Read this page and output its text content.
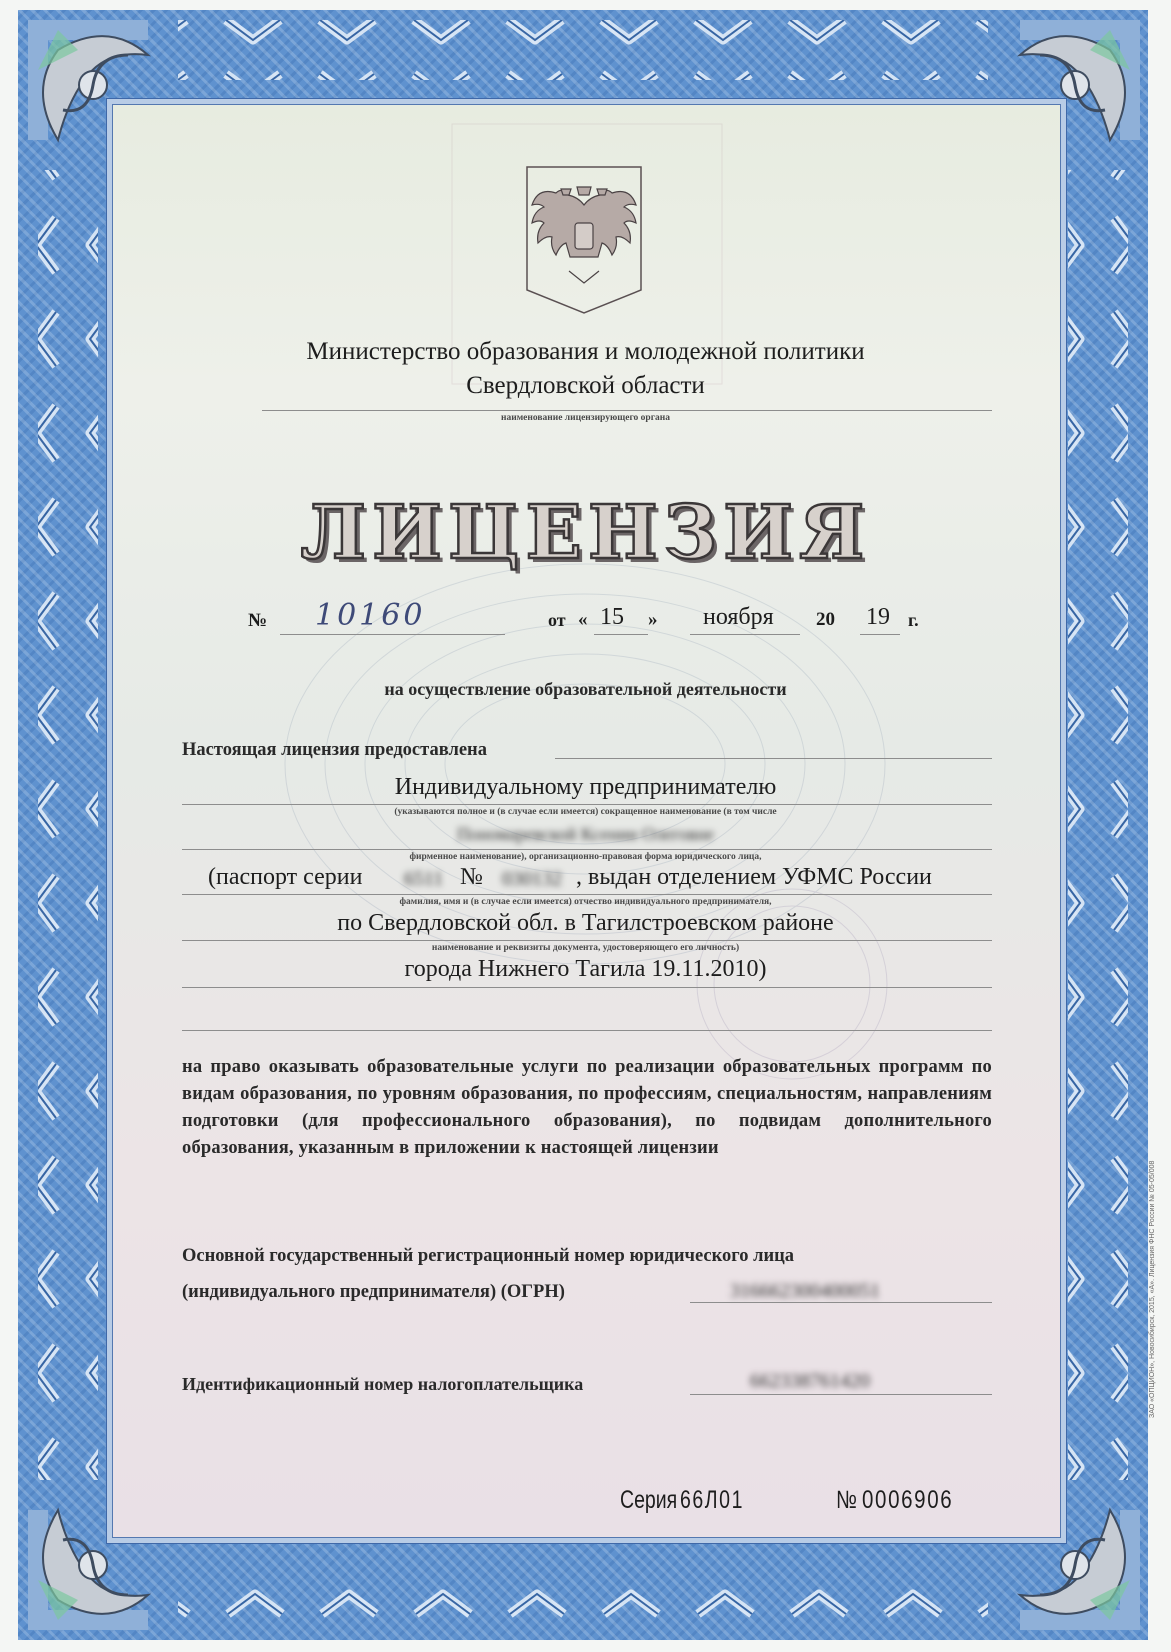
Министерство образования и молодежной политики
Свердловской области
наименование лицензирующего органа
ЛИЦЕНЗИЯ
№ 10160	от « 15 » ноября 20 19 г.
на осуществление образовательной деятельности
Настоящая лицензия предоставлена
Индивидуальному предпринимателю
(указываются полное и (в случае если имеется) сокращенное наименование (в том числе
Пономаревской Ксении Олеговне
фирменное наименование), организационно-правовая форма юридического лица,
(паспорт серии 6511 № 030132 , выдан отделением УФМС России
фамилия, имя и (в случае если имеется) отчество индивидуального предпринимателя,
по Свердловской обл. в Тагилстроевском районе
наименование и реквизиты документа, удостоверяющего его личность)
города Нижнего Тагила 19.11.2010)
на право оказывать образовательные услуги по реализации образовательных программ по видам образования, по уровням образования, по профессиям, специальностям, направлениям подготовки (для профессионального образования), по подвидам дополнительного образования, указанным в приложении к настоящей лицензии
Основной государственный регистрационный номер юридического лица
(индивидуального предпринимателя) (ОГРН)	316662300400051
Идентификационный номер налогоплательщика	662338761420
Серия 66Л01	№ 0006906
ЗАО «ОПЦИОН», Новосибирск, 2015, «А». Лицензия ФНС России № 05-05/008
